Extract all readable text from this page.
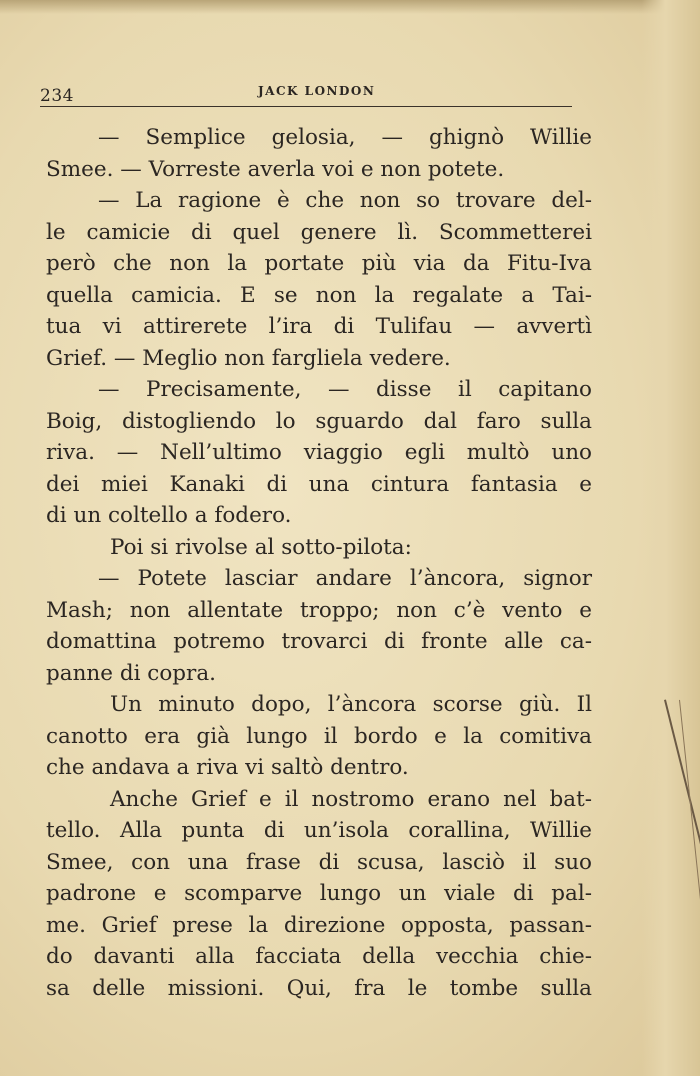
234	JACK LONDON
— Semplice gelosia, — ghignò Willie
Smee. — Vorreste averla voi e non potete.
— La ragione è che non so trovare del-
le camicie di quel genere lì. Scommetterei
però che non la portate più via da Fitu-Iva
quella camicia. E se non la regalate a Tai-
tua vi attirerete l’ira di Tulifau — avvertì
Grief. — Meglio non fargliela vedere.
— Precisamente, — disse il capitano
Boig, distogliendo lo sguardo dal faro sulla
riva. — Nell’ultimo viaggio egli multò uno
dei miei Kanaki di una cintura fantasia e
di un coltello a fodero.
Poi si rivolse al sotto-pilota:
— Potete lasciar andare l’àncora, signor
Mash; non allentate troppo; non c’è vento e
domattina potremo trovarci di fronte alle ca-
panne di copra.
Un minuto dopo, l’àncora scorse giù. Il
canotto era già lungo il bordo e la comitiva
che andava a riva vi saltò dentro.
Anche Grief e il nostromo erano nel bat-
tello. Alla punta di un’isola corallina, Willie
Smee, con una frase di scusa, lasciò il suo
padrone e scomparve lungo un viale di pal-
me. Grief prese la direzione opposta, passan-
do davanti alla facciata della vecchia chie-
sa delle missioni. Qui, fra le tombe sulla
